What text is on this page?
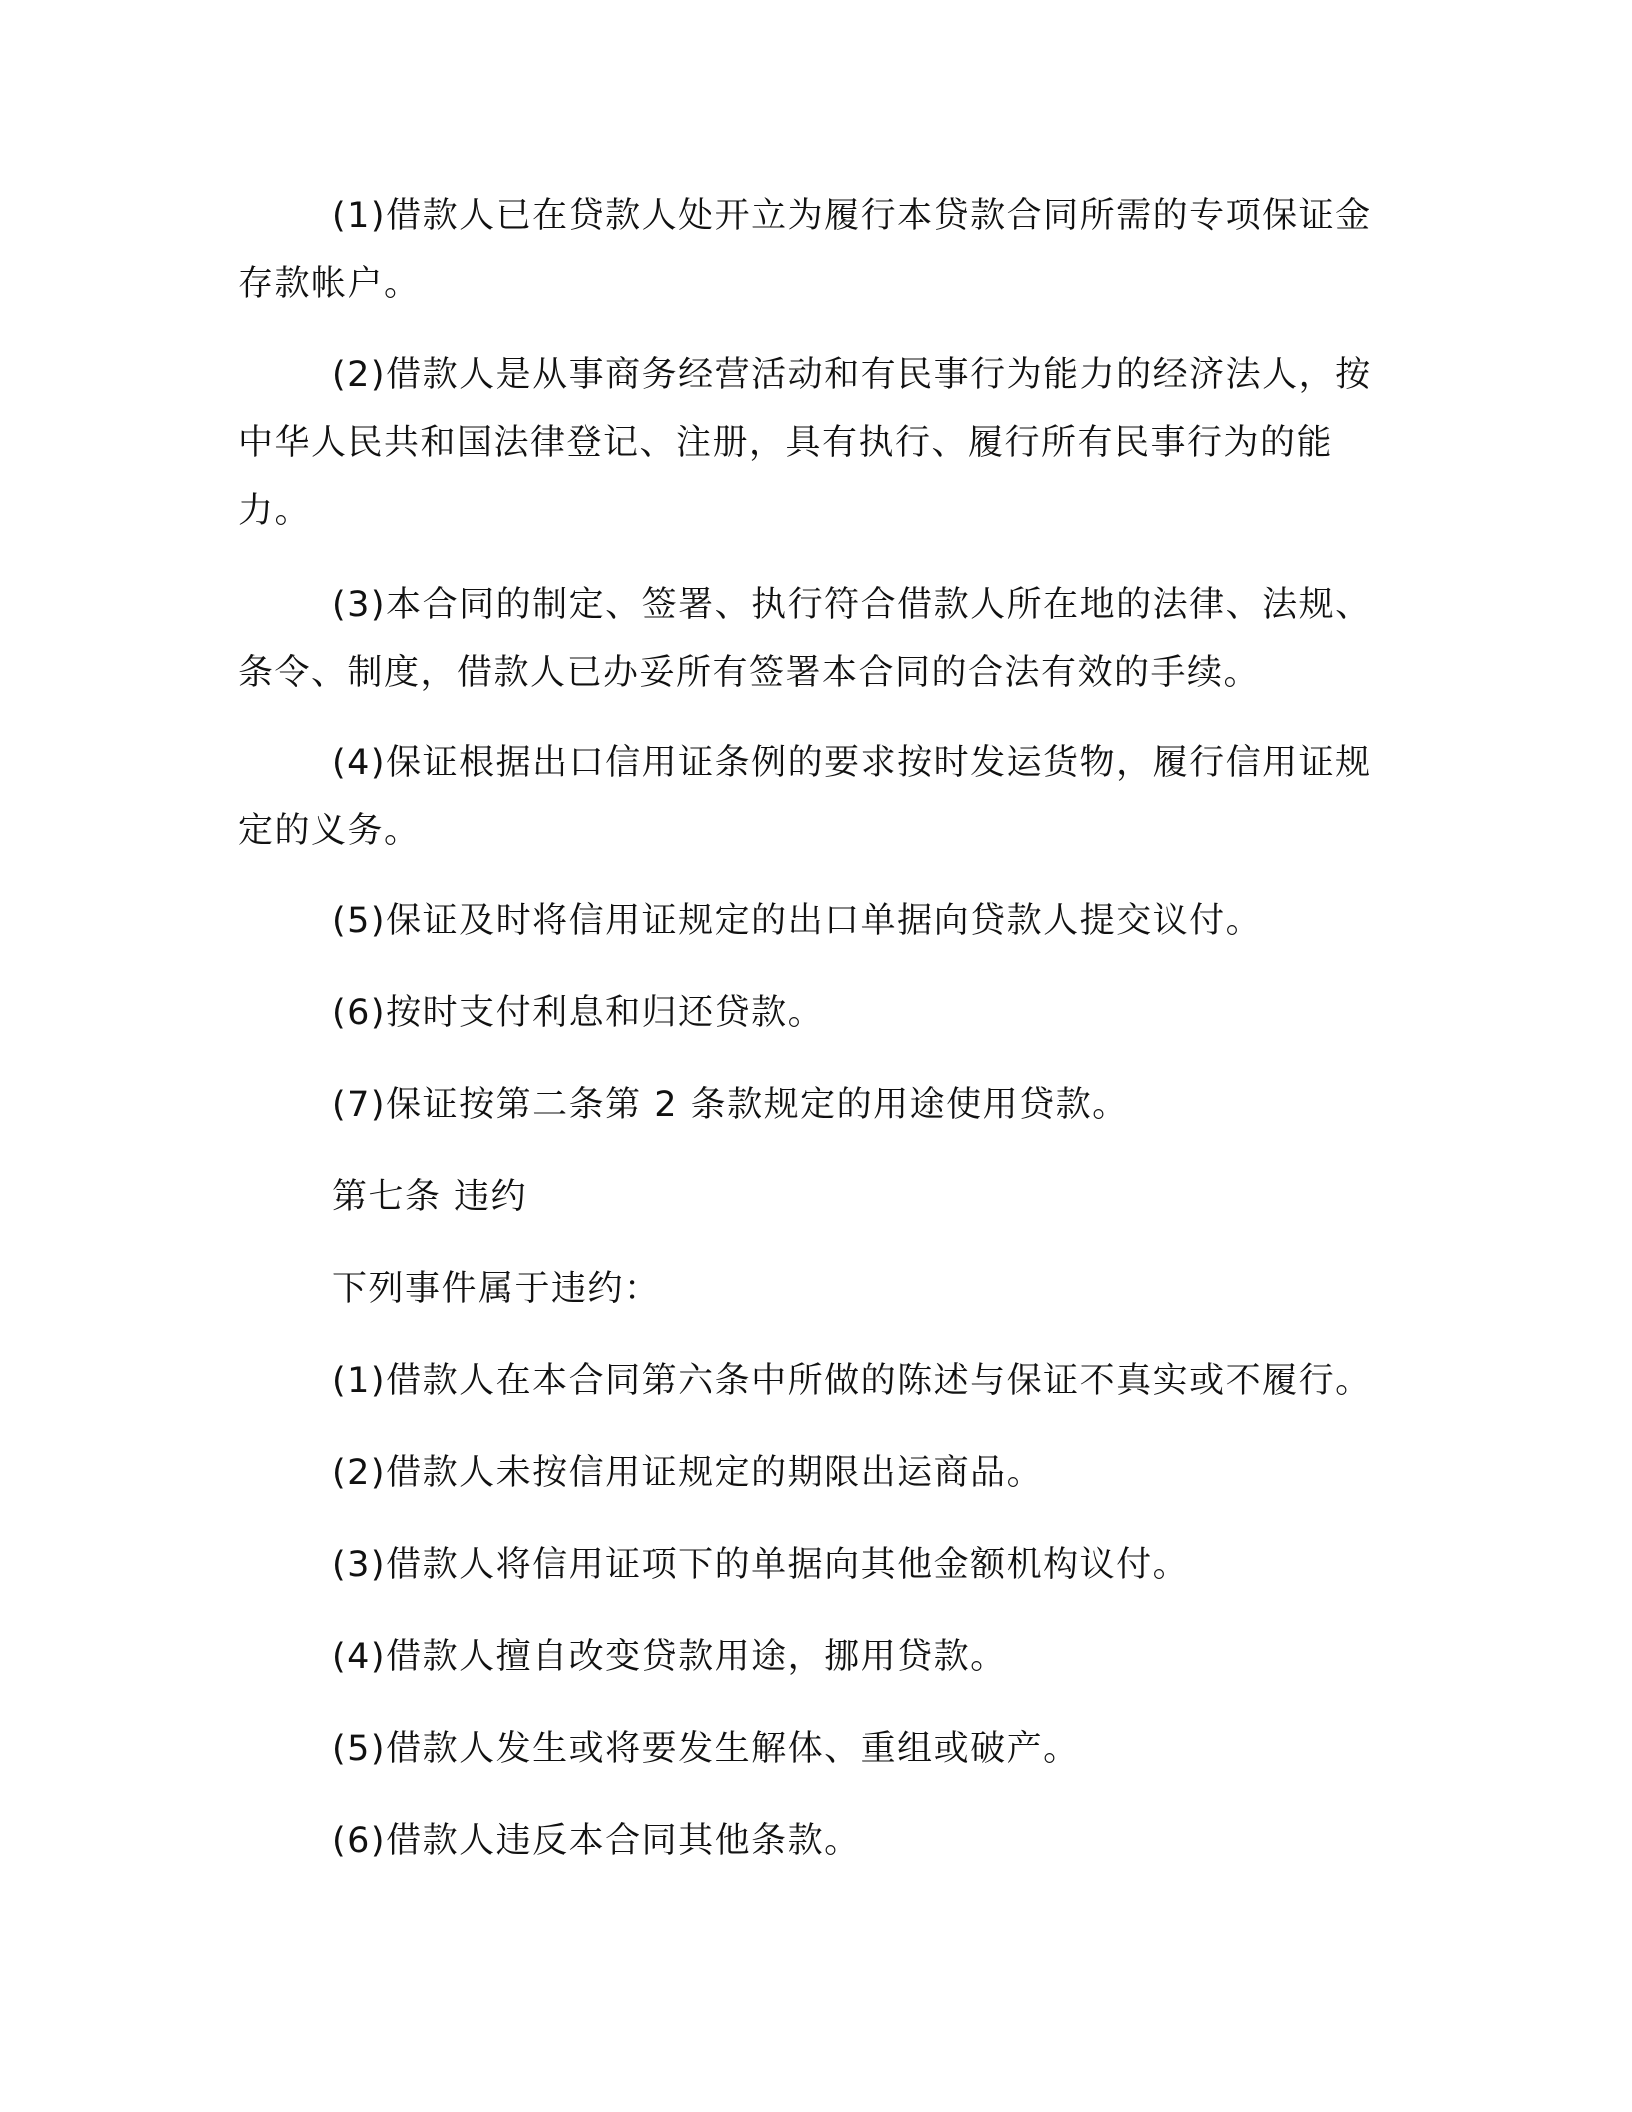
(1)借款人已在贷款人处开立为履行本贷款合同所需的专项保证金存款帐户。

(2)借款人是从事商务经营活动和有民事行为能力的经济法人，按中华人民共和国法律登记、注册，具有执行、履行所有民事行为的能力。

(3)本合同的制定、签署、执行符合借款人所在地的法律、法规、条令、制度，借款人已办妥所有签署本合同的合法有效的手续。

(4)保证根据出口信用证条例的要求按时发运货物，履行信用证规定的义务。

(5)保证及时将信用证规定的出口单据向贷款人提交议付。

(6)按时支付利息和归还贷款。

(7)保证按第二条第 2 条款规定的用途使用贷款。

第七条 违约

下列事件属于违约：

(1)借款人在本合同第六条中所做的陈述与保证不真实或不履行。

(2)借款人未按信用证规定的期限出运商品。

(3)借款人将信用证项下的单据向其他金额机构议付。

(4)借款人擅自改变贷款用途，挪用贷款。

(5)借款人发生或将要发生解体、重组或破产。

(6)借款人违反本合同其他条款。
